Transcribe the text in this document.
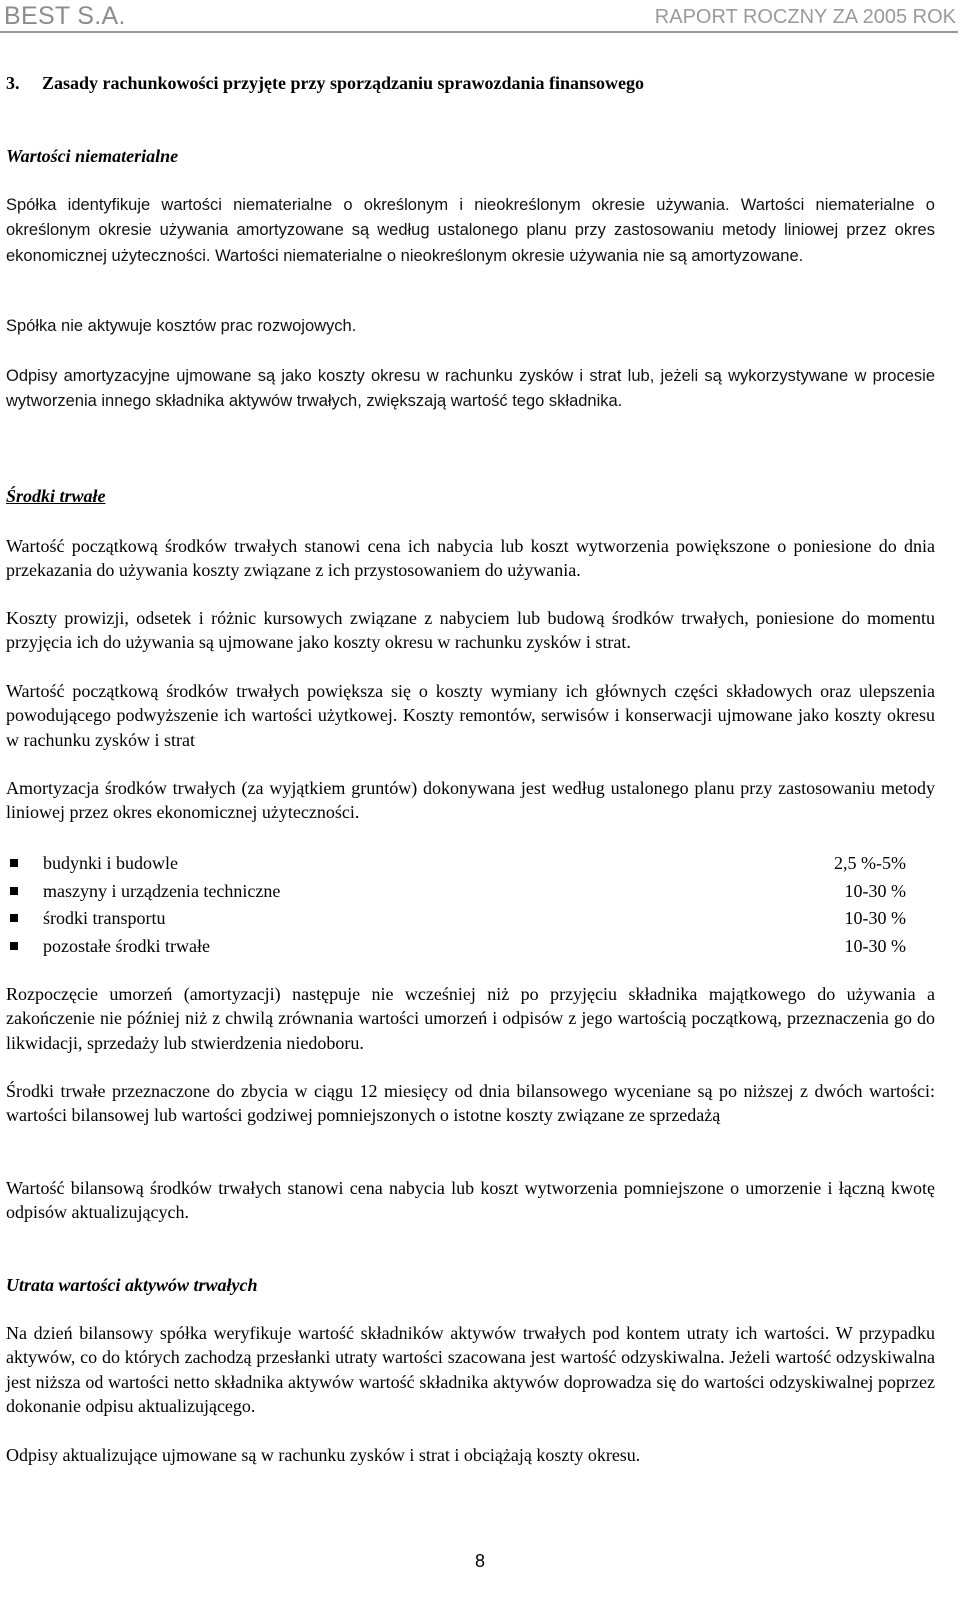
BEST S.A.	RAPORT ROCZNY ZA 2005 ROK
3. Zasady rachunkowości przyjęte przy sporządzaniu sprawozdania finansowego
Wartości niematerialne

Spółka identyfikuje wartości niematerialne o określonym i nieokreślonym okresie używania. Wartości niematerialne o określonym okresie używania amortyzowane są według ustalonego planu przy zastosowaniu metody liniowej przez okres ekonomicznej użyteczności. Wartości niematerialne o nieokreślonym okresie używania nie są amortyzowane.

Spółka nie aktywuje kosztów prac rozwojowych.

Odpisy amortyzacyjne ujmowane są jako koszty okresu w rachunku zysków i strat lub, jeżeli są wykorzystywane w procesie wytworzenia innego składnika aktywów trwałych, zwiększają wartość tego składnika.

Środki trwałe

Wartość początkową środków trwałych stanowi cena ich nabycia lub koszt wytworzenia powiększone o poniesione do dnia przekazania do używania koszty związane z ich przystosowaniem do używania.

Koszty prowizji, odsetek i różnic kursowych związane z nabyciem lub budową środków trwałych, poniesione do momentu przyjęcia ich do używania są ujmowane jako koszty okresu w rachunku zysków i strat.

Wartość początkową środków trwałych powiększa się o koszty wymiany ich głównych części składowych oraz ulepszenia powodującego podwyższenie ich wartości użytkowej. Koszty remontów, serwisów i konserwacji ujmowane jako koszty okresu w rachunku zysków i strat

Amortyzacja środków trwałych (za wyjątkiem gruntów) dokonywana jest według ustalonego planu przy zastosowaniu metody liniowej przez okres ekonomicznej użyteczności.

budynki i budowle	2,5 %-5%
maszyny i urządzenia techniczne	10-30 %
środki transportu	10-30 %
pozostałe środki trwałe	10-30 %

Rozpoczęcie umorzeń (amortyzacji) następuje nie wcześniej niż po przyjęciu składnika majątkowego do używania a zakończenie nie później niż z chwilą zrównania wartości umorzeń i odpisów z jego wartością początkową, przeznaczenia go do likwidacji, sprzedaży lub stwierdzenia niedoboru.

Środki trwałe przeznaczone do zbycia w ciągu 12 miesięcy od dnia bilansowego wyceniane są po niższej z dwóch wartości: wartości bilansowej lub wartości godziwej pomniejszonych o istotne koszty związane ze sprzedażą

Wartość bilansową środków trwałych stanowi cena nabycia lub koszt wytworzenia pomniejszone o umorzenie i łączną kwotę odpisów aktualizujących.

Utrata wartości aktywów trwałych

Na dzień bilansowy spółka weryfikuje wartość składników aktywów trwałych pod kontem utraty ich wartości. W przypadku aktywów, co do których zachodzą przesłanki utraty wartości szacowana jest wartość odzyskiwalna. Jeżeli wartość odzyskiwalna jest niższa od wartości netto składnika aktywów wartość składnika aktywów doprowadza się do wartości odzyskiwalnej poprzez dokonanie odpisu aktualizującego.

Odpisy aktualizujące ujmowane są w rachunku zysków i strat i obciążają koszty okresu.

8
